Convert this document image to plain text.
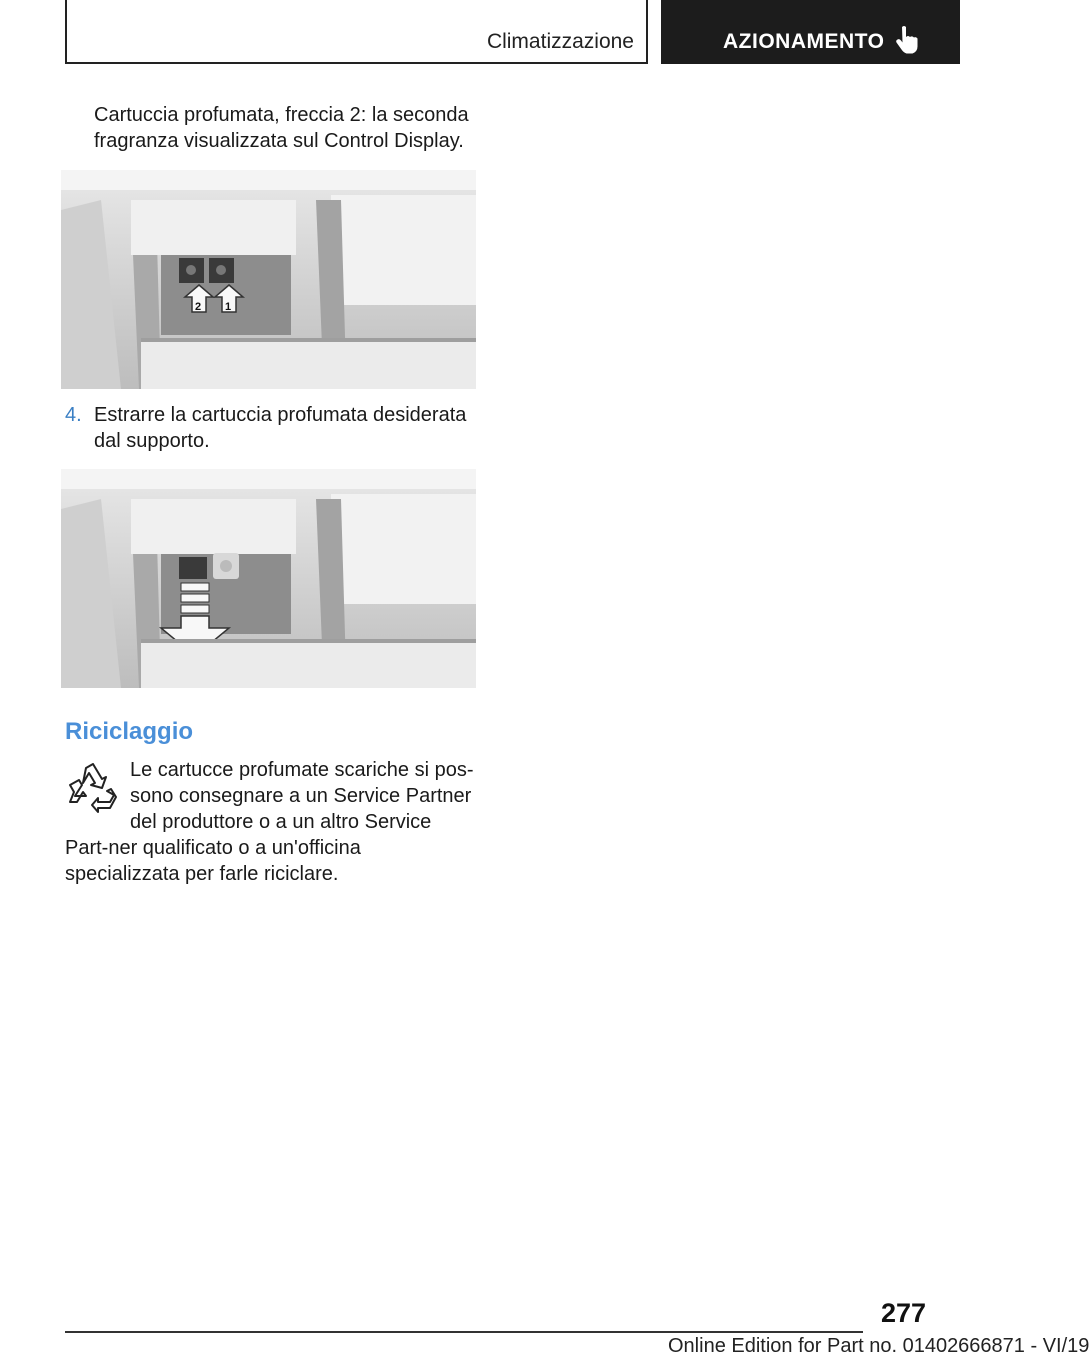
Climatizzazione	AZIONAMENTO
Cartuccia profumata, freccia 2: la seconda fragranza visualizzata sul Control Display.
2 1
4. Estrarre la cartuccia profumata desiderata dal supporto.
Riciclaggio
Le cartucce profumate scariche si pos-sono consegnare a un Service Partner del produttore o a un altro Service Part-ner qualificato o a un'officina specializzata per farle riciclare.
277
Online Edition for Part no. 01402666871 - VI/19
